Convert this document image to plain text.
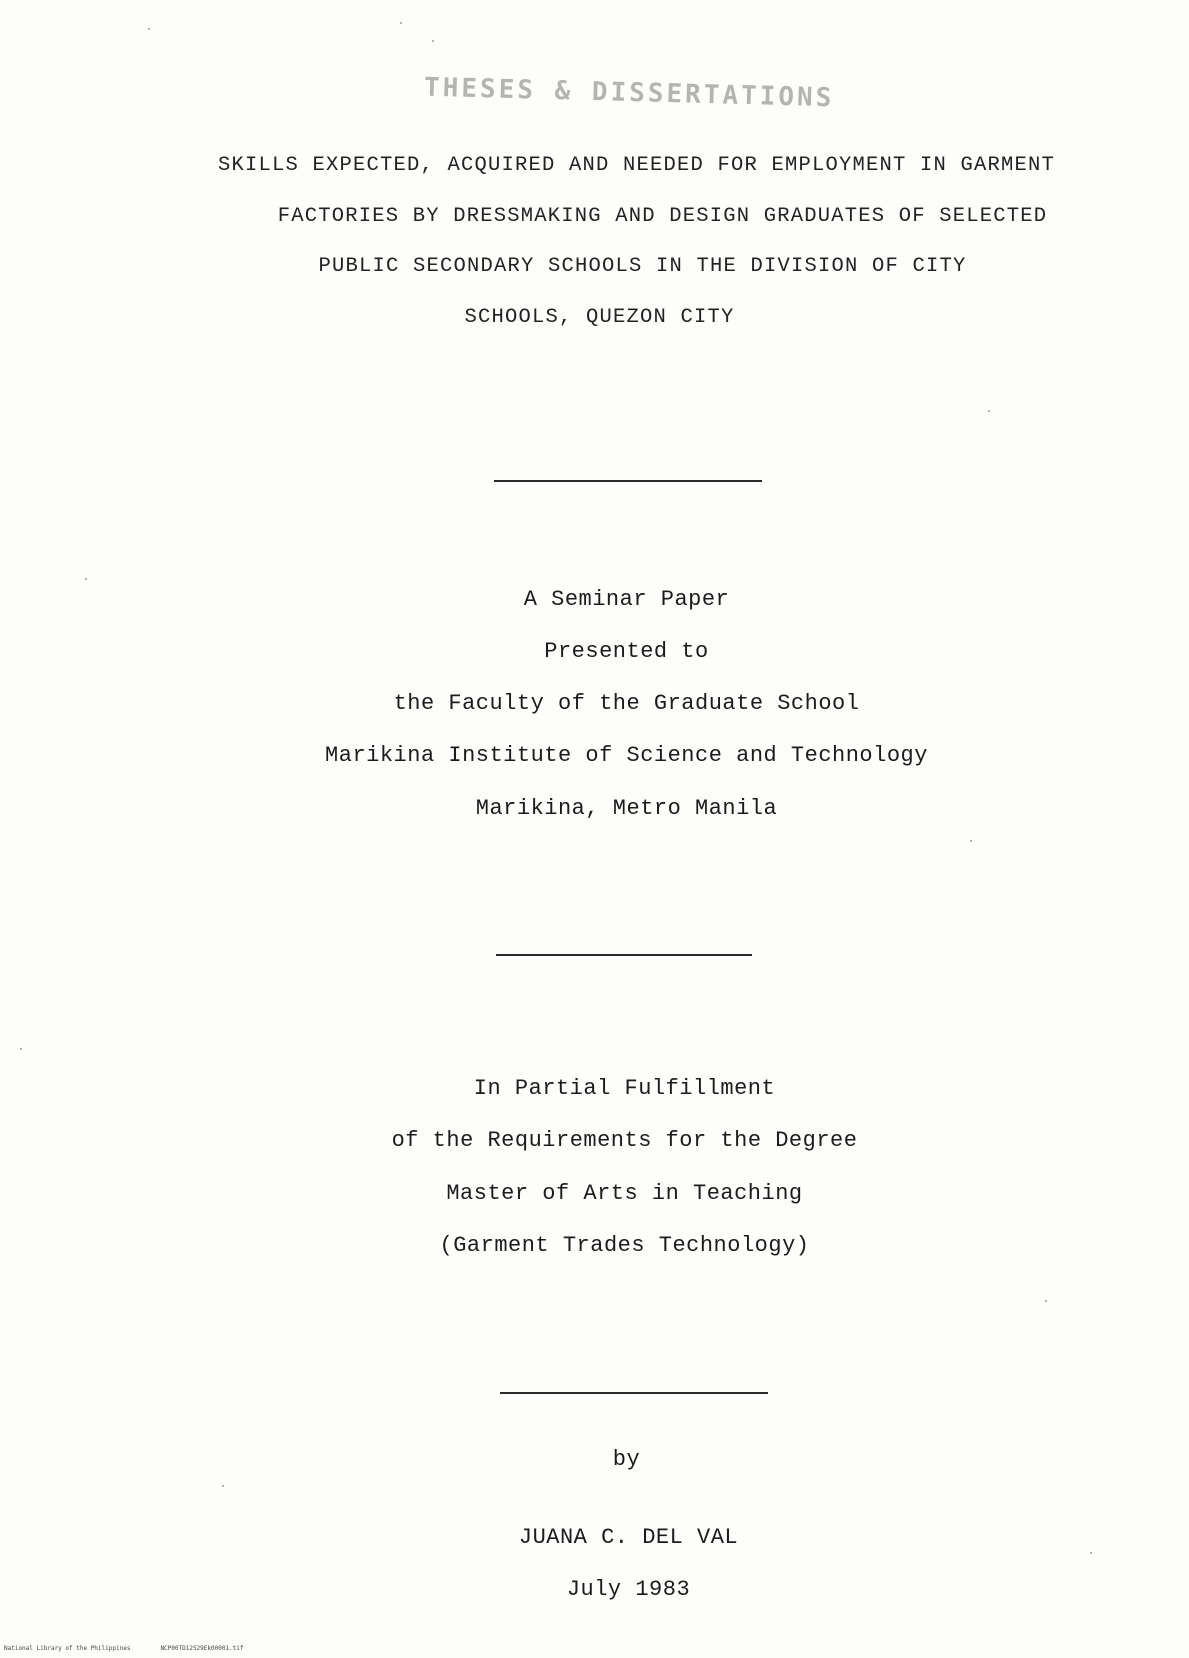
THESES & DISSERTATIONS
SKILLS EXPECTED, ACQUIRED AND NEEDED FOR EMPLOYMENT IN GARMENT
FACTORIES BY DRESSMAKING AND DESIGN GRADUATES OF SELECTED
PUBLIC SECONDARY SCHOOLS IN THE DIVISION OF CITY
SCHOOLS, QUEZON CITY
A Seminar Paper
Presented to
the Faculty of the Graduate School
Marikina Institute of Science and Technology
Marikina, Metro Manila
In Partial Fulfillment
of the Requirements for the Degree
Master of Arts in Teaching
(Garment Trades Technology)
by
JUANA C. DEL VAL
July 1983
National Library of the Philippines	NCP00TD12529Ek00001.tif
